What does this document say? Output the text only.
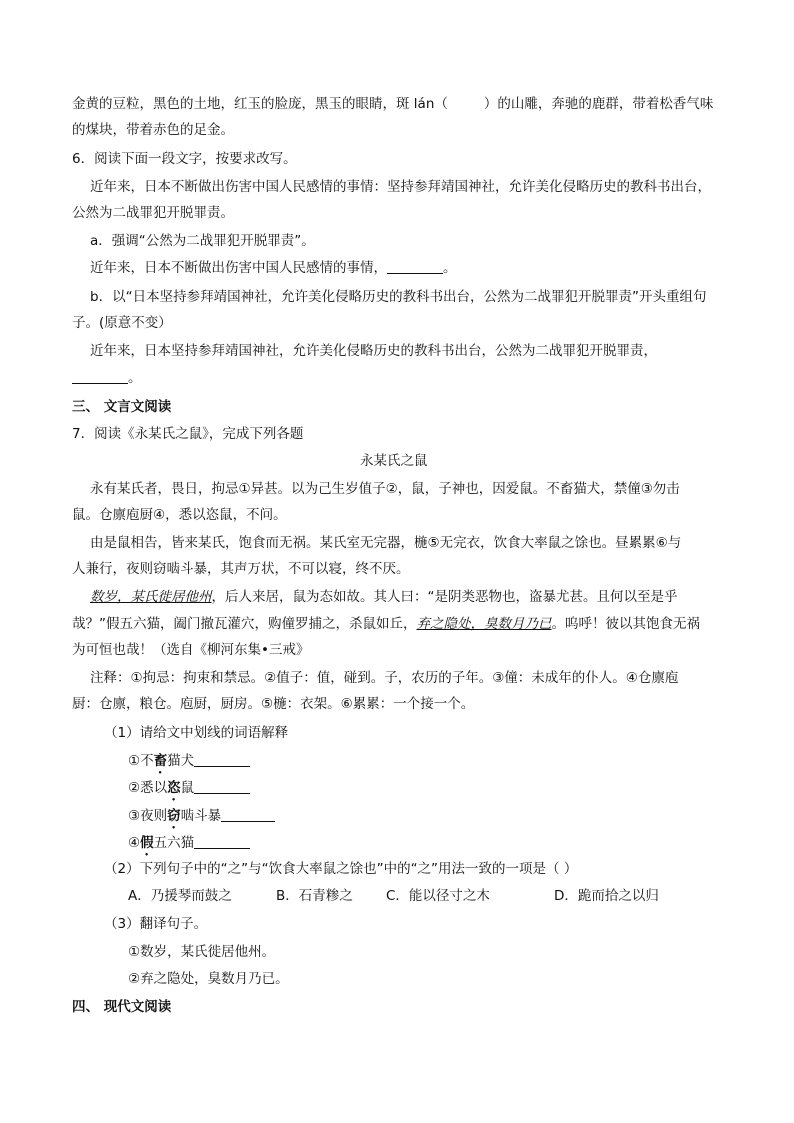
金黄的豆粒，黑色的土地，红玉的脸庞，黑玉的眼睛，斑 lán（	）的山雕，奔驰的鹿群，带着松香气味
的煤块，带着赤色的足金。
6．阅读下面一段文字，按要求改写。
近年来，日本不断做出伤害中国人民感情的事情：坚持参拜靖国神社，允许美化侵略历史的教科书出台，
公然为二战罪犯开脱罪责。
a．强调“公然为二战罪犯开脱罪责”。
近年来，日本不断做出伤害中国人民感情的事情，	。
b．以“日本坚持参拜靖国神社，允许美化侵略历史的教科书出台，公然为二战罪犯开脱罪责”开头重组句
子。(原意不变）
近年来，日本坚持参拜靖国神社，允许美化侵略历史的教科书出台，公然为二战罪犯开脱罪责，
。
三、 文言文阅读
7．阅读《永某氏之鼠》，完成下列各题
永某氏之鼠
永有某氏者，畏日，拘忌①异甚。以为己生岁值子②，鼠，子神也，因爱鼠。不畜猫犬，禁僮③勿击
鼠。仓廪庖厨④，悉以恣鼠，不问。
由是鼠相告，皆来某氏，饱食而无祸。某氏室无完器，椸⑤无完衣，饮食大率鼠之馀也。昼累累⑥与
人兼行，夜则窃啮斗暴，其声万状，不可以寝，终不厌。
数岁，某氏徙居他州，后人来居，鼠为态如故。其人曰：“是阴类恶物也，盗暴尤甚。且何以至是乎
哉？”假五六猫，阖门撤瓦灌穴，购僮罗捕之，杀鼠如丘，弃之隐处，臭数月乃已。呜呼！彼以其饱食无祸
为可恒也哉！（选自《柳河东集•三戒》
注释：①拘忌：拘束和禁忌。②值子：值，碰到。子，农历的子年。③僮：未成年的仆人。④仓廪庖
厨：仓廪，粮仓。庖厨，厨房。⑤椸：衣架。⑥累累：一个接一个。
（1）请给文中划线的词语解释
①不畜猫犬
②悉以恣鼠
③夜则窃啮斗暴
④假五六猫
（2）下列句子中的“之”与“饮食大率鼠之馀也”中的“之”用法一致的一项是（ ）
A．乃援琴而鼓之	B．石青糁之 C．能以径寸之木	D．跪而拾之以归
（3）翻译句子。
①数岁，某氏徙居他州。
②弃之隐处，臭数月乃已。
四、 现代文阅读
